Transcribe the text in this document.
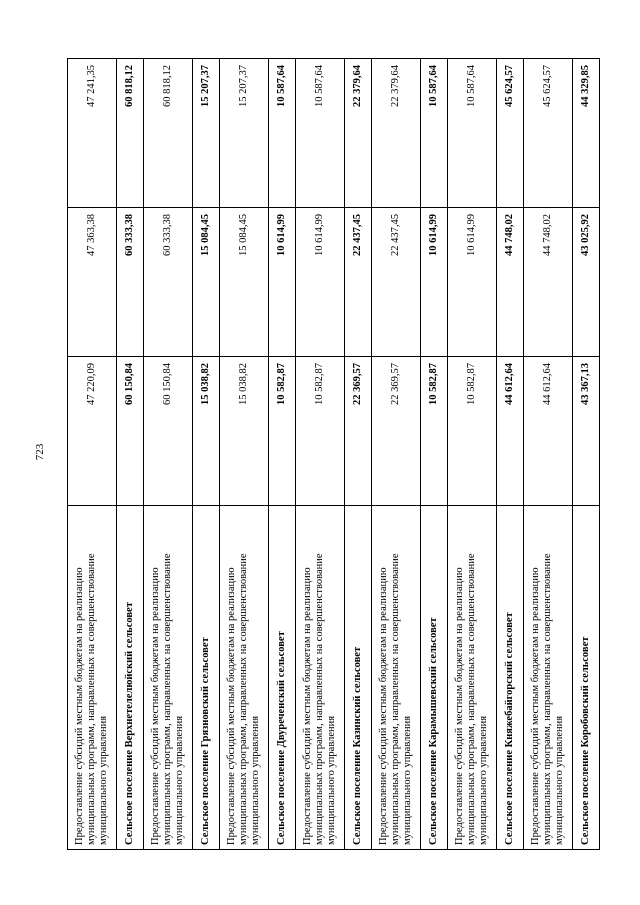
723
Предоставление субсидий местным бюджетам на реализацию муниципальных программ, направленных на совершенствование муниципального управления	47 220,09	47 363,38	47 241,35
Сельское поселение Верхнетелелюйский сельсовет	60 150,84	60 333,38	60 818,12
Предоставление субсидий местным бюджетам на реализацию муниципальных программ, направленных на совершенствование муниципального управления	60 150,84	60 333,38	60 818,12
Сельское поселение Грязновский сельсовет	15 038,82	15 084,45	15 207,37
Предоставление субсидий местным бюджетам на реализацию муниципальных программ, направленных на совершенствование муниципального управления	15 038,82	15 084,45	15 207,37
Сельское поселение Двуреченский сельсовет	10 582,87	10 614,99	10 587,64
Предоставление субсидий местным бюджетам на реализацию муниципальных программ, направленных на совершенствование муниципального управления	10 582,87	10 614,99	10 587,64
Сельское поселение Казинский сельсовет	22 369,57	22 437,45	22 379,64
Предоставление субсидий местным бюджетам на реализацию муниципальных программ, направленных на совершенствование муниципального управления	22 369,57	22 437,45	22 379,64
Сельское поселение Карамышевский сельсовет	10 582,87	10 614,99	10 587,64
Предоставление субсидий местным бюджетам на реализацию муниципальных программ, направленных на совершенствование муниципального управления	10 582,87	10 614,99	10 587,64
Сельское поселение Княжебайгорский сельсовет	44 612,64	44 748,02	45 624,57
Предоставление субсидий местным бюджетам на реализацию муниципальных программ, направленных на совершенствование муниципального управления	44 612,64	44 748,02	45 624,57
Сельское поселение Коробовский сельсовет	43 367,13	43 025,92	44 329,85
